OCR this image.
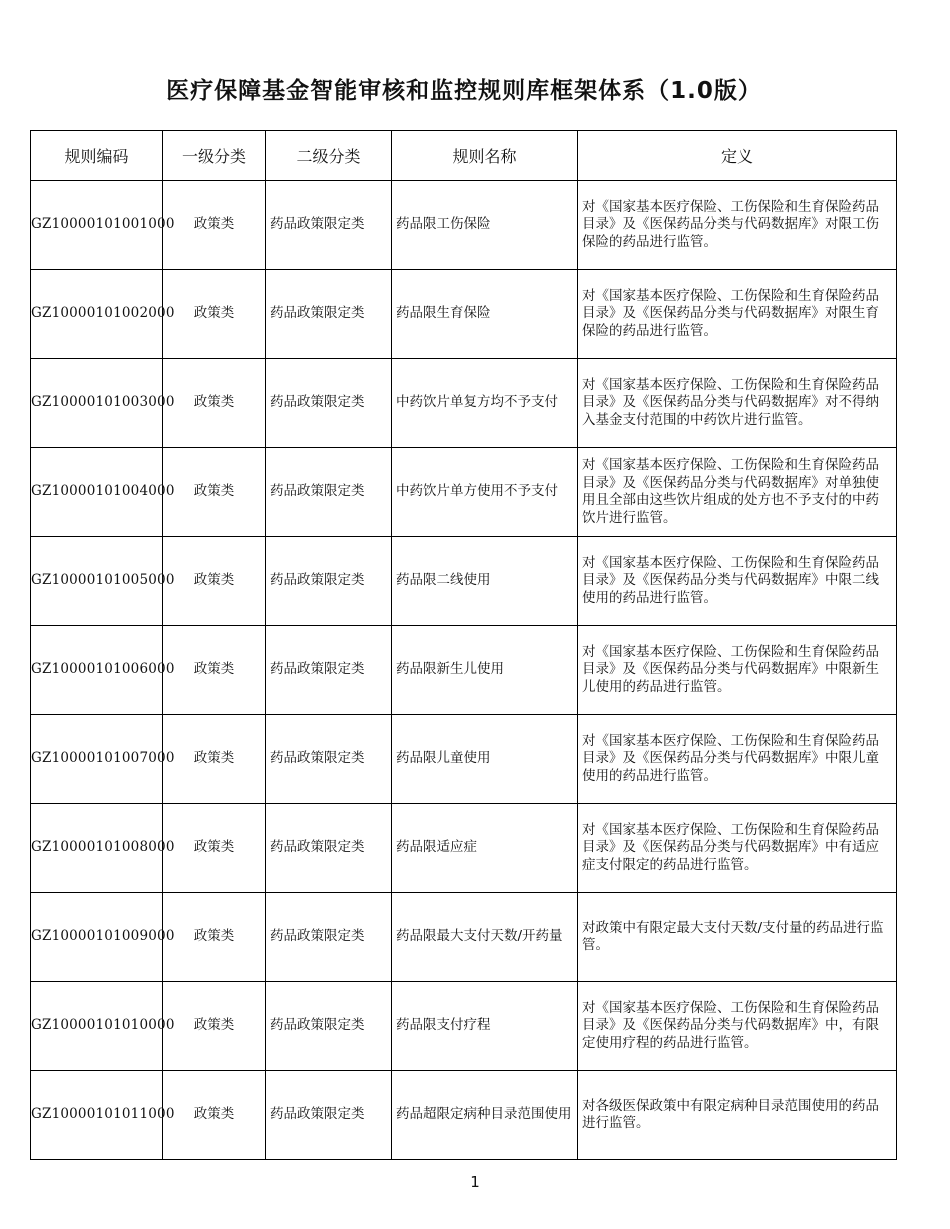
医疗保障基金智能审核和监控规则库框架体系（1.0版）
规则编码	一级分类	二级分类	规则名称	定义
GZ10000101001000	政策类	药品政策限定类	药品限工伤保险	对《国家基本医疗保险、工伤保险和生育保险药品目录》及《医保药品分类与代码数据库》对限工伤保险的药品进行监管。
GZ10000101002000	政策类	药品政策限定类	药品限生育保险	对《国家基本医疗保险、工伤保险和生育保险药品目录》及《医保药品分类与代码数据库》对限生育保险的药品进行监管。
GZ10000101003000	政策类	药品政策限定类	中药饮片单复方均不予支付	对《国家基本医疗保险、工伤保险和生育保险药品目录》及《医保药品分类与代码数据库》对不得纳入基金支付范围的中药饮片进行监管。
GZ10000101004000	政策类	药品政策限定类	中药饮片单方使用不予支付	对《国家基本医疗保险、工伤保险和生育保险药品目录》及《医保药品分类与代码数据库》对单独使用且全部由这些饮片组成的处方也不予支付的中药饮片进行监管。
GZ10000101005000	政策类	药品政策限定类	药品限二线使用	对《国家基本医疗保险、工伤保险和生育保险药品目录》及《医保药品分类与代码数据库》中限二线使用的药品进行监管。
GZ10000101006000	政策类	药品政策限定类	药品限新生儿使用	对《国家基本医疗保险、工伤保险和生育保险药品目录》及《医保药品分类与代码数据库》中限新生儿使用的药品进行监管。
GZ10000101007000	政策类	药品政策限定类	药品限儿童使用	对《国家基本医疗保险、工伤保险和生育保险药品目录》及《医保药品分类与代码数据库》中限儿童使用的药品进行监管。
GZ10000101008000	政策类	药品政策限定类	药品限适应症	对《国家基本医疗保险、工伤保险和生育保险药品目录》及《医保药品分类与代码数据库》中有适应症支付限定的药品进行监管。
GZ10000101009000	政策类	药品政策限定类	药品限最大支付天数/开药量	对政策中有限定最大支付天数/支付量的药品进行监管。
GZ10000101010000	政策类	药品政策限定类	药品限支付疗程	对《国家基本医疗保险、工伤保险和生育保险药品目录》及《医保药品分类与代码数据库》中，有限定使用疗程的药品进行监管。
GZ10000101011000	政策类	药品政策限定类	药品超限定病种目录范围使用	对各级医保政策中有限定病种目录范围使用的药品进行监管。
1
